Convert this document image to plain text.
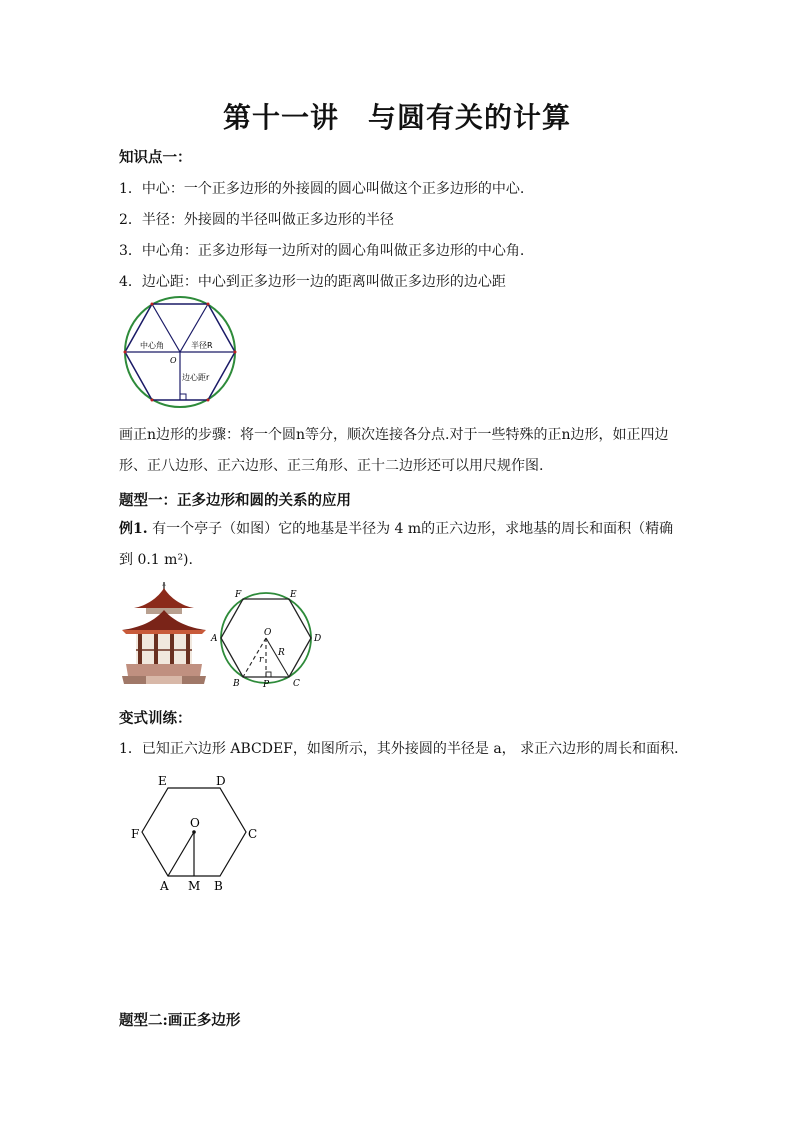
第十一讲　与圆有关的计算
知识点一：
1．中心：一个正多边形的外接圆的圆心叫做这个正多边形的中心.
2．半径：外接圆的半径叫做正多边形的半径
3．中心角：正多边形每一边所对的圆心角叫做正多边形的中心角.
4．边心距：中心到正多边形一边的距离叫做正多边形的边心距
中心角	半径R
边心距r
O
画正n边形的步骤：将一个圆n等分，顺次连接各分点.对于一些特殊的正n边形，如正四边形、正八边形、正六边形、正三角形、正十二边形还可以用尺规作图.
题型一：正多边形和圆的关系的应用
例1. 有一个亭子（如图）它的地基是半径为 4 m的正六边形，求地基的周长和面积（精确到 0.1 m²).
A
B	C
D
E
F
O
P
R
r
变式训练：
1．已知正六边形 ABCDEF，如图所示，其外接圆的半径是 a， 求正六边形的周长和面积．
E	D
F	C
O
A M B
题型二:画正多边形
